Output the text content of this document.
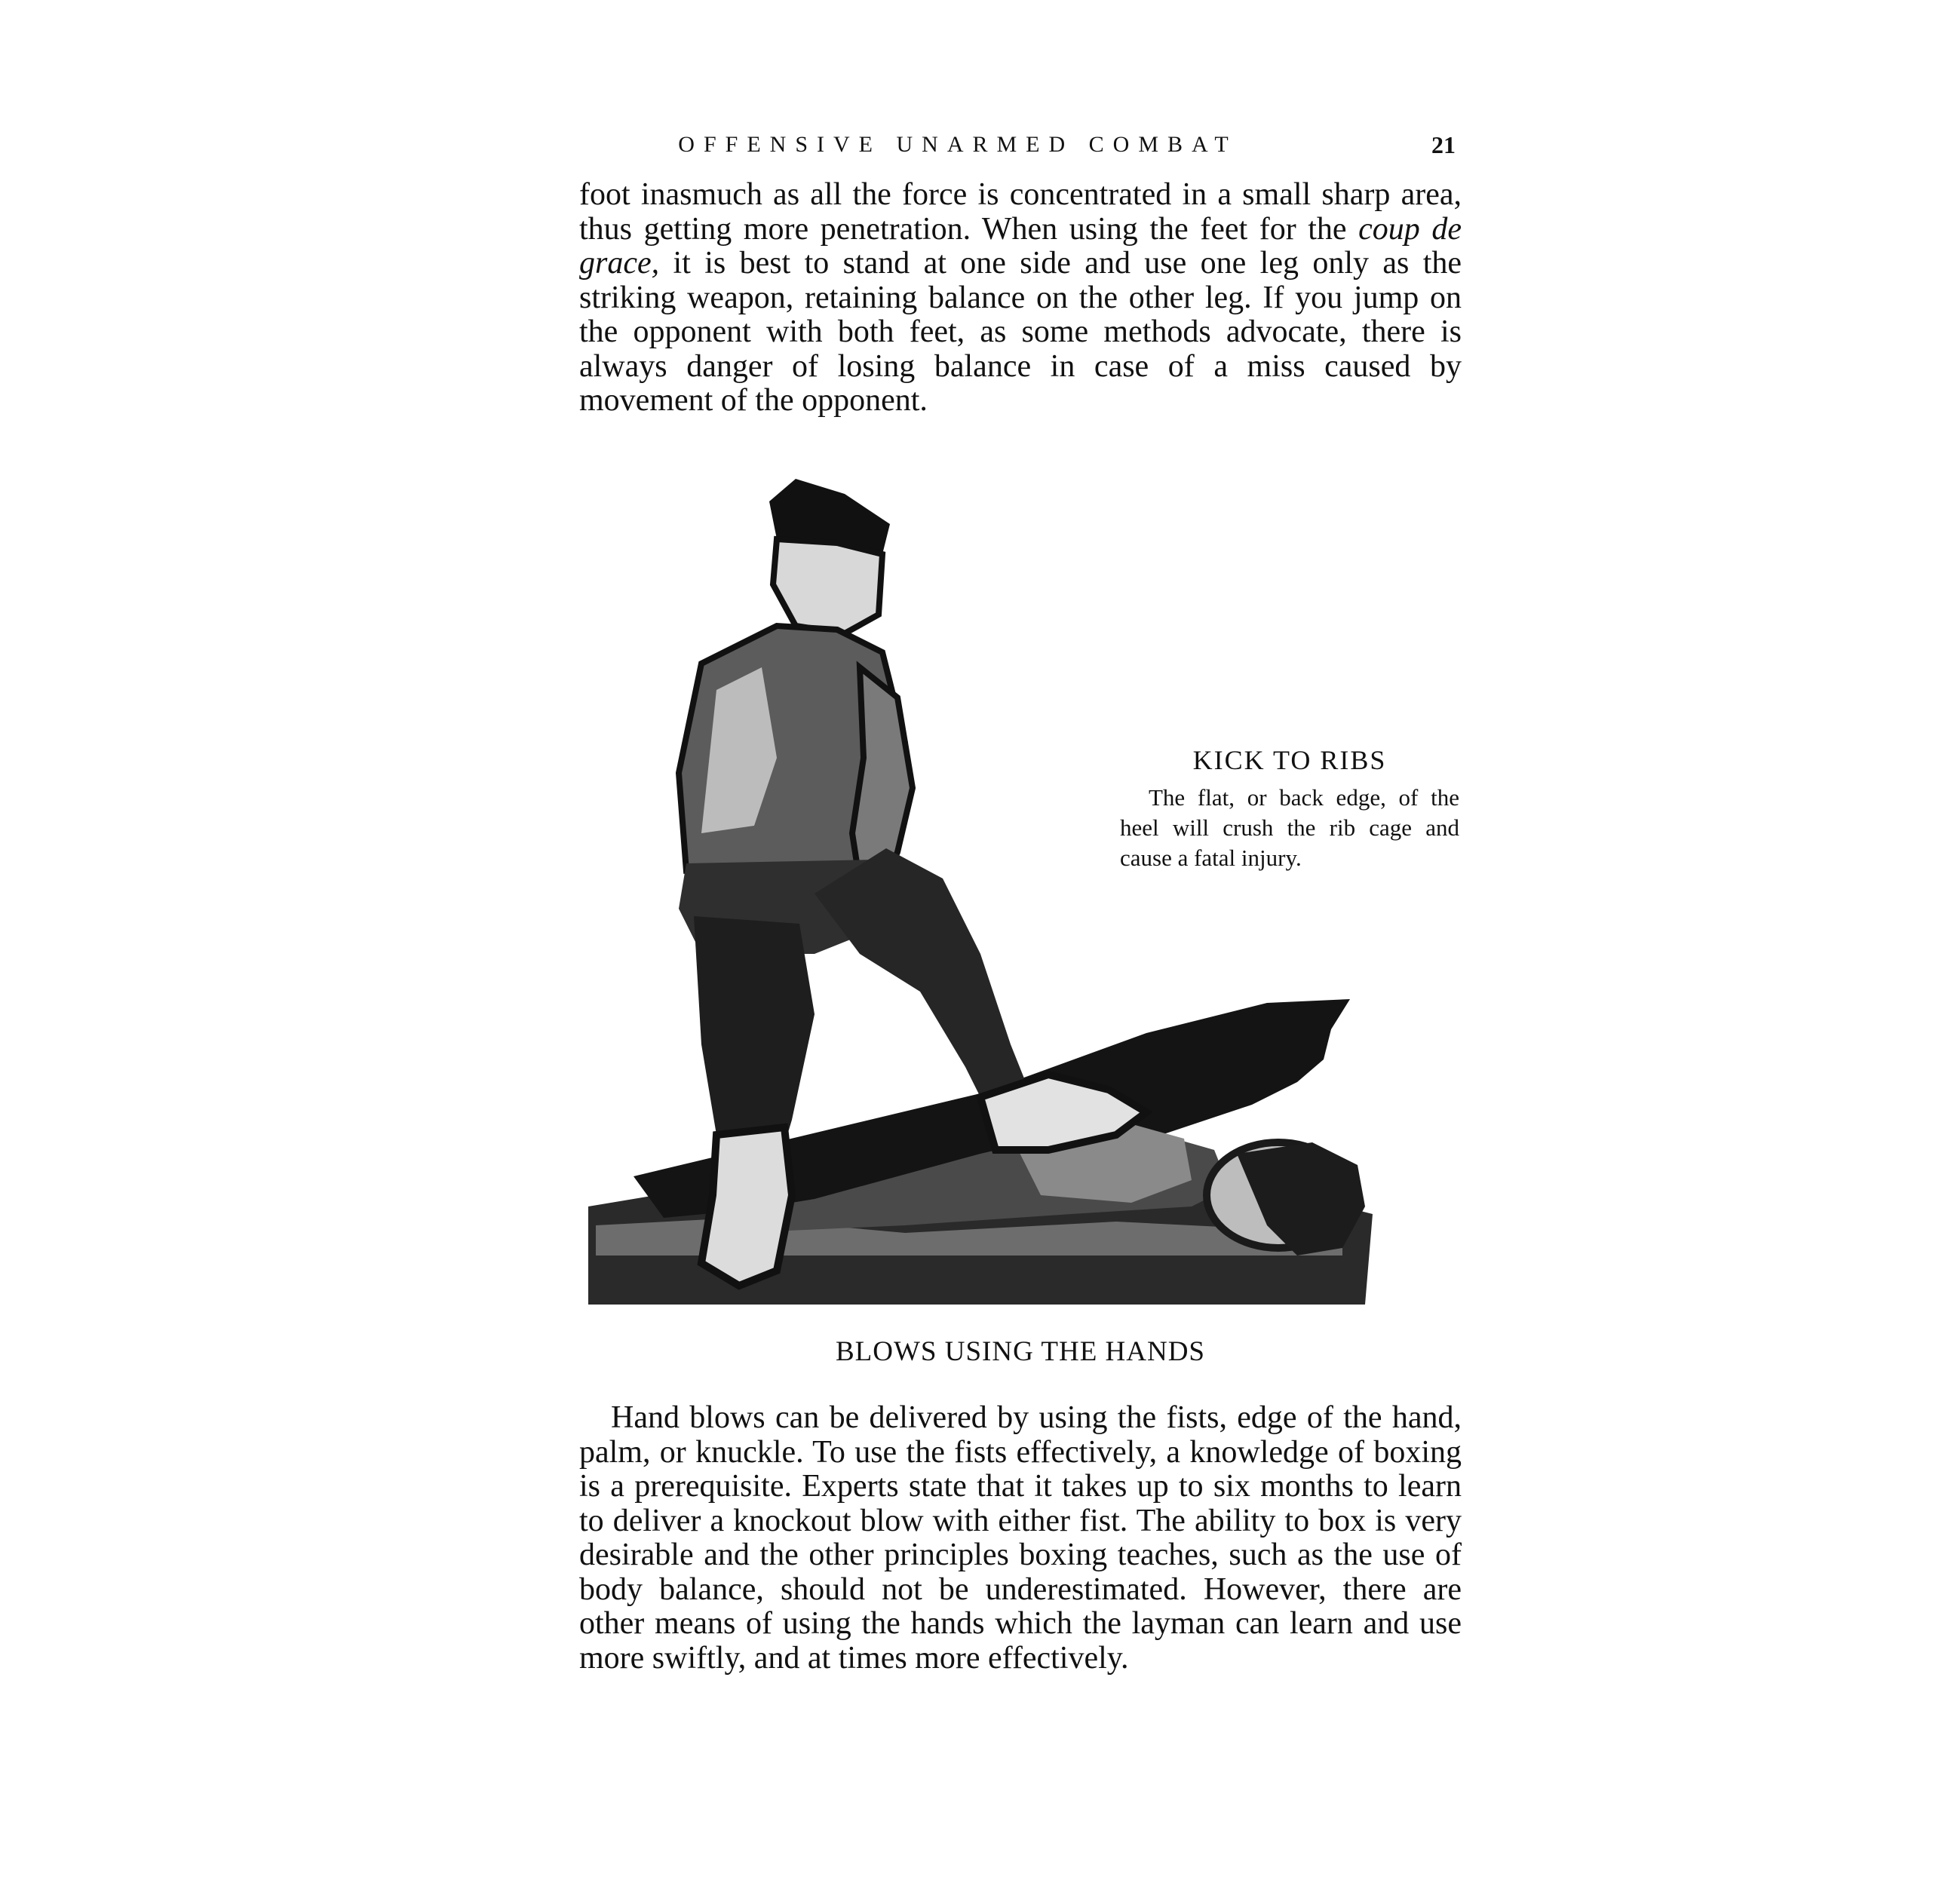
OFFENSIVE UNARMED COMBAT	21

foot inasmuch as all the force is concentrated in a small sharp area, thus getting more penetration. When using the feet for the coup de grace, it is best to stand at one side and use one leg only as the striking weapon, retaining balance on the other leg. If you jump on the opponent with both feet, as some methods advocate, there is always danger of losing balance in case of a miss caused by movement of the opponent.

KICK TO RIBS

The flat, or back edge, of the heel will crush the rib cage and cause a fatal injury.

BLOWS USING THE HANDS

Hand blows can be delivered by using the fists, edge of the hand, palm, or knuckle. To use the fists effectively, a knowledge of boxing is a prerequisite. Experts state that it takes up to six months to learn to deliver a knockout blow with either fist. The ability to box is very desirable and the other principles boxing teaches, such as the use of body balance, should not be underestimated. However, there are other means of using the hands which the layman can learn and use more swiftly, and at times more effectively.
